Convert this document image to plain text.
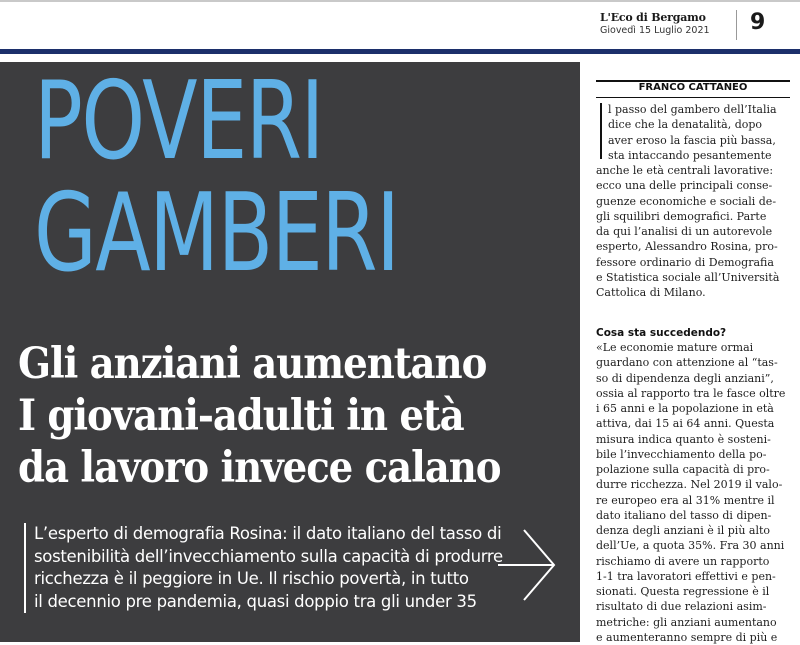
L'Eco di Bergamo
Giovedì 15 Luglio 2021 9
POVERI
GAMBERI
Gli anziani aumentano
I giovani-adulti in età
da lavoro invece calano

L’esperto di demografia Rosina: il dato italiano del tasso di
sostenibilità dell’invecchiamento sulla capacità di produrre
ricchezza è il peggiore in Ue. Il rischio povertà, in tutto
il decennio pre pandemia, quasi doppio tra gli under 35

FRANCO CATTANEO
l passo del gambero dell’Italia
dice che la denatalità, dopo
aver eroso la fascia più bassa,
sta intaccando pesantemente
anche le età centrali lavorative:
ecco una delle principali conse-
guenze economiche e sociali de-
gli squilibri demografici. Parte
da qui l’analisi di un autorevole
esperto, Alessandro Rosina, pro-
fessore ordinario di Demografia
e Statistica sociale all’Università
Cattolica di Milano.
Cosa sta succedendo?
«Le economie mature ormai
guardano con attenzione al “tas-
so di dipendenza degli anziani”,
ossia al rapporto tra le fasce oltre
i 65 anni e la popolazione in età
attiva, dai 15 ai 64 anni. Questa
misura indica quanto è sosteni-
bile l’invecchiamento della po-
polazione sulla capacità di pro-
durre ricchezza. Nel 2019 il valo-
re europeo era al 31% mentre il
dato italiano del tasso di dipen-
denza degli anziani è il più alto
dell’Ue, a quota 35%. Fra 30 anni
rischiamo di avere un rapporto
1-1 tra lavoratori effettivi e pen-
sionati. Questa regressione è il
risultato di due relazioni asim-
metriche: gli anziani aumentano
e aumenteranno sempre di più e
